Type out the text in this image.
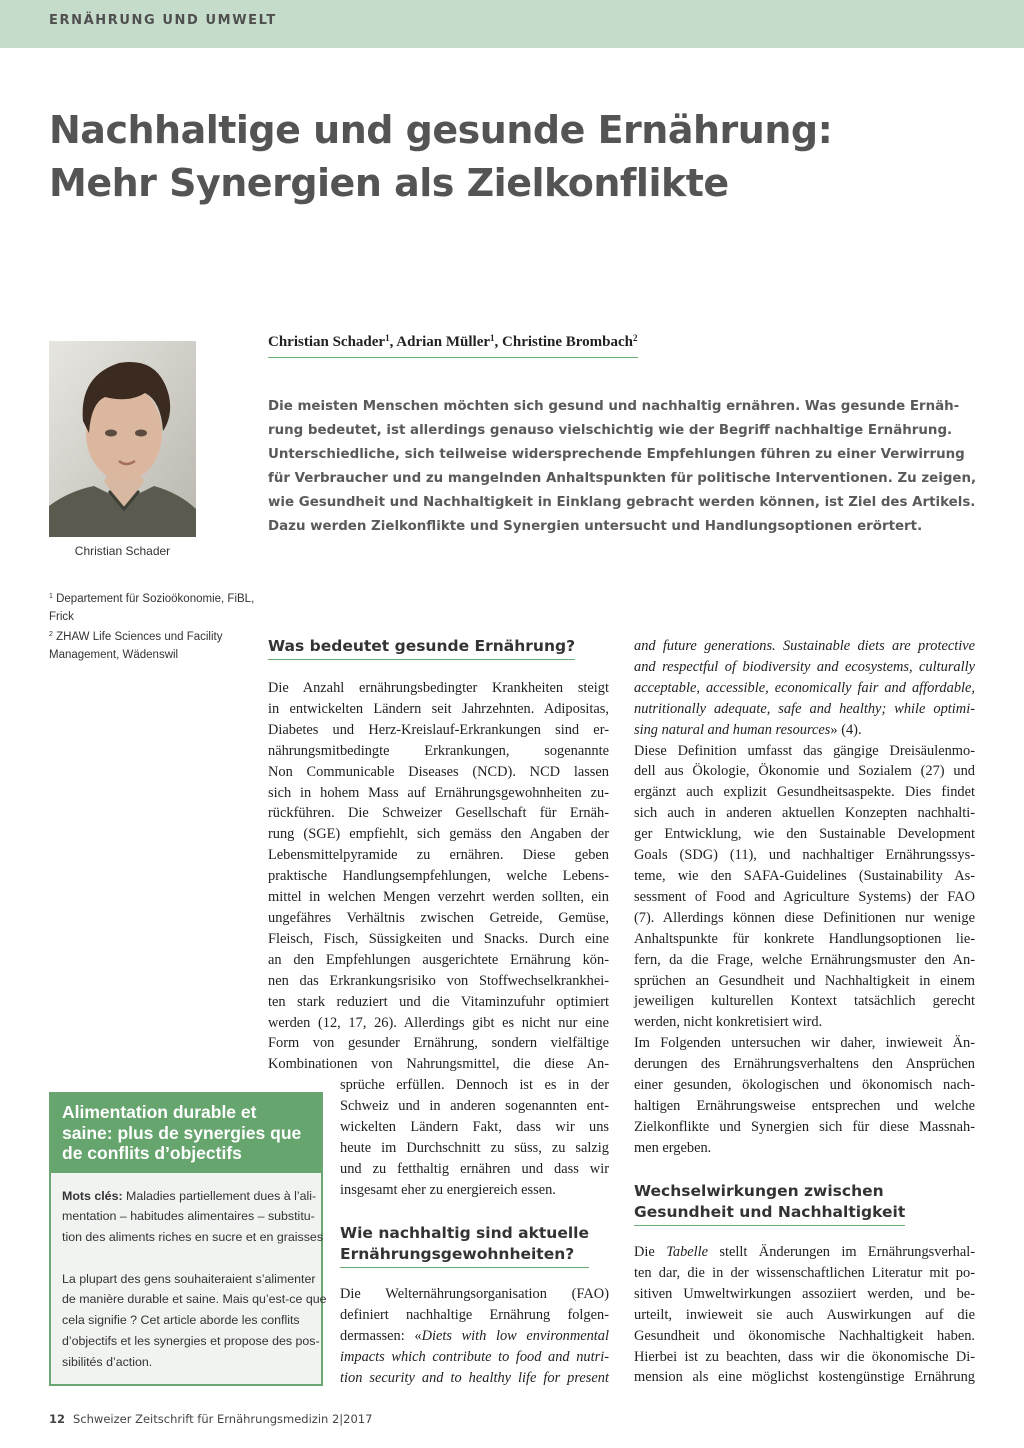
ERNÄHRUNG UND UMWELT
Nachhaltige und gesunde Ernährung:
Mehr Synergien als Zielkonflikte
Christian Schader
$^1$ Departement für Sozioökonomie, FiBL,
Frick
$^2$ ZHAW Life Sciences und Facility
Management, Wädenswil
Christian Schader$^1$, Adrian Müller$^1$, Christine Brombach$^2$
Die meisten Menschen möchten sich gesund und nachhaltig ernähren. Was gesunde Ernäh-
rung bedeutet, ist allerdings genauso vielschichtig wie der Begriff nachhaltige Ernährung.
Unterschiedliche, sich teilweise widersprechende Empfehlungen führen zu einer Verwirrung
für Verbraucher und zu mangelnden Anhaltspunkten für politische Interventionen. Zu zeigen,
wie Gesundheit und Nachhaltigkeit in Einklang gebracht werden können, ist Ziel des Artikels.
Dazu werden Zielkonflikte und Synergien untersucht und Handlungsoptionen erörtert.
Was bedeutet gesunde Ernährung?
Die Anzahl ernährungsbedingter Krankheiten steigt
in entwickelten Ländern seit Jahrzehnten. Adipositas,
Diabetes und Herz-Kreislauf-Erkrankungen sind er-
nährungsmitbedingte Erkrankungen, sogenannte
Non Communicable Diseases (NCD). NCD lassen
sich in hohem Mass auf Ernährungsgewohnheiten zu-
rückführen. Die Schweizer Gesellschaft für Ernäh-
rung (SGE) empfiehlt, sich gemäss den Angaben der
Lebensmittelpyramide zu ernähren. Diese geben
praktische Handlungsempfehlungen, welche Lebens-
mittel in welchen Mengen verzehrt werden sollten, ein
ungefähres Verhältnis zwischen Getreide, Gemüse,
Fleisch, Fisch, Süssigkeiten und Snacks. Durch eine
an den Empfehlungen ausgerichtete Ernährung kön-
nen das Erkrankungsrisiko von Stoffwechselkrankhei-
ten stark reduziert und die Vitaminzufuhr optimiert
werden (12, 17, 26). Allerdings gibt es nicht nur eine
Form von gesunder Ernährung, sondern vielfältige
Kombinationen von Nahrungsmittel, die diese An-
sprüche erfüllen. Dennoch ist es in der
Schweiz und in anderen sogenannten ent-
wickelten Ländern Fakt, dass wir uns
heute im Durchschnitt zu süss, zu salzig
und zu fetthaltig ernähren und dass wir
insgesamt eher zu energiereich essen.
Wie nachhaltig sind aktuelle
Ernährungsgewohnheiten?
Die Welternährungsorganisation (FAO)
definiert nachhaltige Ernährung folgen-
dermassen: «Diets with low environmental
impacts which contribute to food and nutri-
tion security and to healthy life for present
and future generations. Sustainable diets are protective
and respectful of biodiversity and ecosystems, culturally
acceptable, accessible, economically fair and affordable,
nutritionally adequate, safe and healthy; while optimi-
sing natural and human resources» (4).
Diese Definition umfasst das gängige Dreisäulenmo-
dell aus Ökologie, Ökonomie und Sozialem (27) und
ergänzt auch explizit Gesundheitsaspekte. Dies findet
sich auch in anderen aktuellen Konzepten nachhalti-
ger Entwicklung, wie den Sustainable Development
Goals (SDG) (11), und nachhaltiger Ernährungssys-
teme, wie den SAFA-Guidelines (Sustainability As-
sessment of Food and Agriculture Systems) der FAO
(7). Allerdings können diese Definitionen nur wenige
Anhaltspunkte für konkrete Handlungsoptionen lie-
fern, da die Frage, welche Ernährungsmuster den An-
sprüchen an Gesundheit und Nachhaltigkeit in einem
jeweiligen kulturellen Kontext tatsächlich gerecht
werden, nicht konkretisiert wird.
Im Folgenden untersuchen wir daher, inwieweit Än-
derungen des Ernährungsverhaltens den Ansprüchen
einer gesunden, ökologischen und ökonomisch nach-
haltigen Ernährungsweise entsprechen und welche
Zielkonflikte und Synergien sich für diese Massnah-
men ergeben.
Wechselwirkungen zwischen
Gesundheit und Nachhaltigkeit
Die Tabelle stellt Änderungen im Ernährungsverhal-
ten dar, die in der wissenschaftlichen Literatur mit po-
sitiven Umweltwirkungen assoziiert werden, und be-
urteilt, inwieweit sie auch Auswirkungen auf die
Gesundheit und ökonomische Nachhaltigkeit haben.
Hierbei ist zu beachten, dass wir die ökonomische Di-
mension als eine möglichst kostengünstige Ernährung
Alimentation durable et
saine: plus de synergies que
de conflits d’objectifs
Mots clés: Maladies partiellement dues à l’ali-
mentation – habitudes alimentaires – substitu-
tion des aliments riches en sucre et en graisses
La plupart des gens souhaiteraient s’alimenter
de manière durable et saine. Mais qu’est-ce que
cela signifie ? Cet article aborde les conflits
d’objectifs et les synergies et propose des pos-
sibilités d’action.
12 Schweizer Zeitschrift für Ernährungsmedizin 2|2017
